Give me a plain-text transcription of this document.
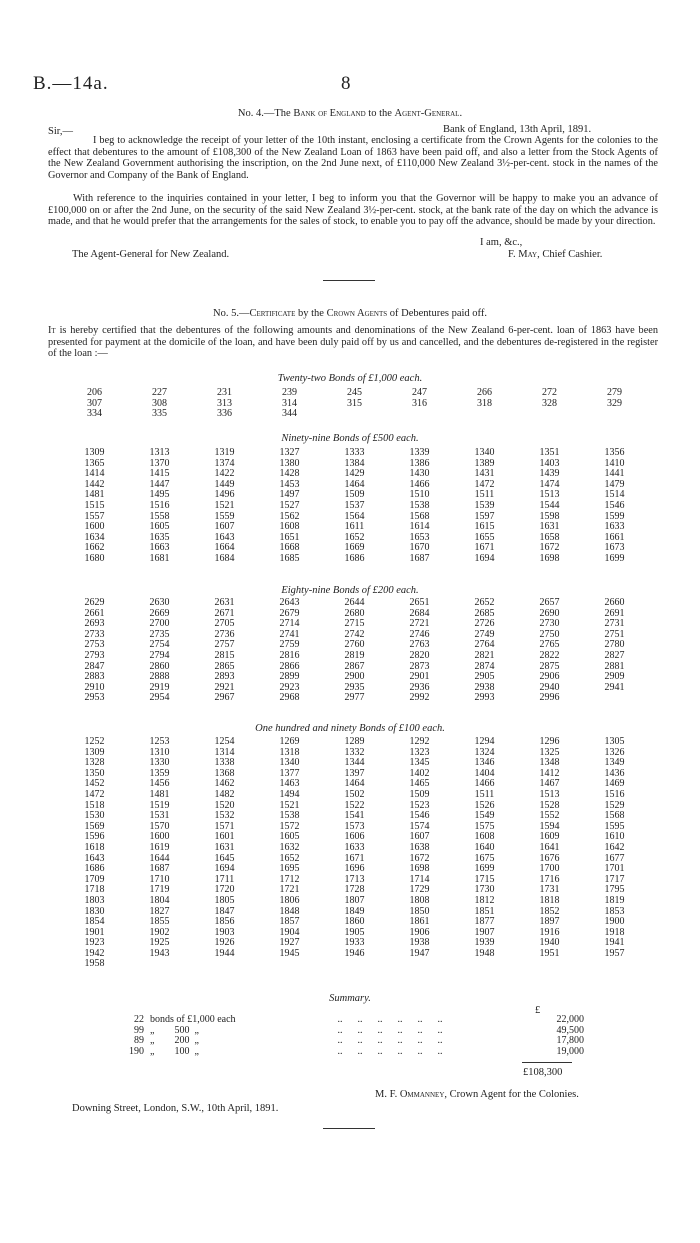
B.—14a.	8
No. 4.—The Bank of England to the Agent-General.
Sir,—	Bank of England, 13th April, 1891.
I beg to acknowledge the receipt of your letter of the 10th instant, enclosing a certificate from the Crown Agents for the colonies to the effect that debentures to the amount of £108,300 of the New Zealand Loan of 1863 have been paid off, and also a letter from the Stock Agents of the New Zealand Government authorising the inscription, on the 2nd June next, of £110,000 New Zealand 3½-per-cent. stock in the names of the Governor and Company of the Bank of England.
With reference to the inquiries contained in your letter, I beg to inform you that the Governor will be happy to make you an advance of £100,000 on or after the 2nd June, on the security of the said New Zealand 3½-per-cent. stock, at the bank rate of the day on which the advance is made, and that he would prefer that the arrangements for the sales of stock, to enable you to pay off the advance, should be made by your direction.
I am, &c.,
The Agent-General for New Zealand.	F. May, Chief Cashier.
No. 5.—Certificate by the Crown Agents of Debentures paid off.
It is hereby certified that the debentures of the following amounts and denominations of the New Zealand 6-per-cent. loan of 1863 have been presented for payment at the domicile of the loan, and have been duly paid off by us and cancelled, and the debentures de-registered in the register of the loan :—
Twenty-two Bonds of £1,000 each.
206	227	231	239	245	247	266	272	279
307	308	313	314	315	316	318	328	329
334	335	336	344					
Ninety-nine Bonds of £500 each.
1309	1313	1319	1327	1333	1339	1340	1351	1356
1365	1370	1374	1380	1384	1386	1389	1403	1410
1414	1415	1422	1428	1429	1430	1431	1439	1441
1442	1447	1449	1453	1464	1466	1472	1474	1479
1481	1495	1496	1497	1509	1510	1511	1513	1514
1515	1516	1521	1527	1537	1538	1539	1544	1546
1557	1558	1559	1562	1564	1568	1597	1598	1599
1600	1605	1607	1608	1611	1614	1615	1631	1633
1634	1635	1643	1651	1652	1653	1655	1658	1661
1662	1663	1664	1668	1669	1670	1671	1672	1673
1680	1681	1684	1685	1686	1687	1694	1698	1699
Eighty-nine Bonds of £200 each.
2629	2630	2631	2643	2644	2651	2652	2657	2660
2661	2669	2671	2679	2680	2684	2685	2690	2691
2693	2700	2705	2714	2715	2721	2726	2730	2731
2733	2735	2736	2741	2742	2746	2749	2750	2751
2753	2754	2757	2759	2760	2763	2764	2765	2780
2793	2794	2815	2816	2819	2820	2821	2822	2827
2847	2860	2865	2866	2867	2873	2874	2875	2881
2883	2888	2893	2899	2900	2901	2905	2906	2909
2910	2919	2921	2923	2935	2936	2938	2940	2941
2953	2954	2967	2968	2977	2992	2993	2996	
One hundred and ninety Bonds of £100 each.
1252	1253	1254	1269	1289	1292	1294	1296	1305
1309	1310	1314	1318	1332	1323	1324	1325	1326
1328	1330	1338	1340	1344	1345	1346	1348	1349
1350	1359	1368	1377	1397	1402	1404	1412	1436
1452	1456	1462	1463	1464	1465	1466	1467	1469
1472	1481	1482	1494	1502	1509	1511	1513	1516
1518	1519	1520	1521	1522	1523	1526	1528	1529
1530	1531	1532	1538	1541	1546	1549	1552	1568
1569	1570	1571	1572	1573	1574	1575	1594	1595
1596	1600	1601	1605	1606	1607	1608	1609	1610
1618	1619	1631	1632	1633	1638	1640	1641	1642
1643	1644	1645	1652	1671	1672	1675	1676	1677
1686	1687	1694	1695	1696	1698	1699	1700	1701
1709	1710	1711	1712	1713	1714	1715	1716	1717
1718	1719	1720	1721	1728	1729	1730	1731	1795
1803	1804	1805	1806	1807	1808	1812	1818	1819
1830	1827	1847	1848	1849	1850	1851	1852	1853
1854	1855	1856	1857	1860	1861	1877	1897	1900
1901	1902	1903	1904	1905	1906	1907	1916	1918
1923	1925	1926	1927	1933	1938	1939	1940	1941
1942	1943	1944	1945	1946	1947	1948	1951	1957
1958								
Summary.
£
22	bonds of £1,000 each	..      ..      ..      ..      ..      ..	22,000
99	„        500  „	..      ..      ..      ..      ..      ..	49,500
89	„        200  „	..      ..      ..      ..      ..      ..	17,800
190	„        100  „	..      ..      ..      ..      ..      ..	19,000
£108,300
M. F. Ommanney, Crown Agent for the Colonies.
Downing Street, London, S.W., 10th April, 1891.
